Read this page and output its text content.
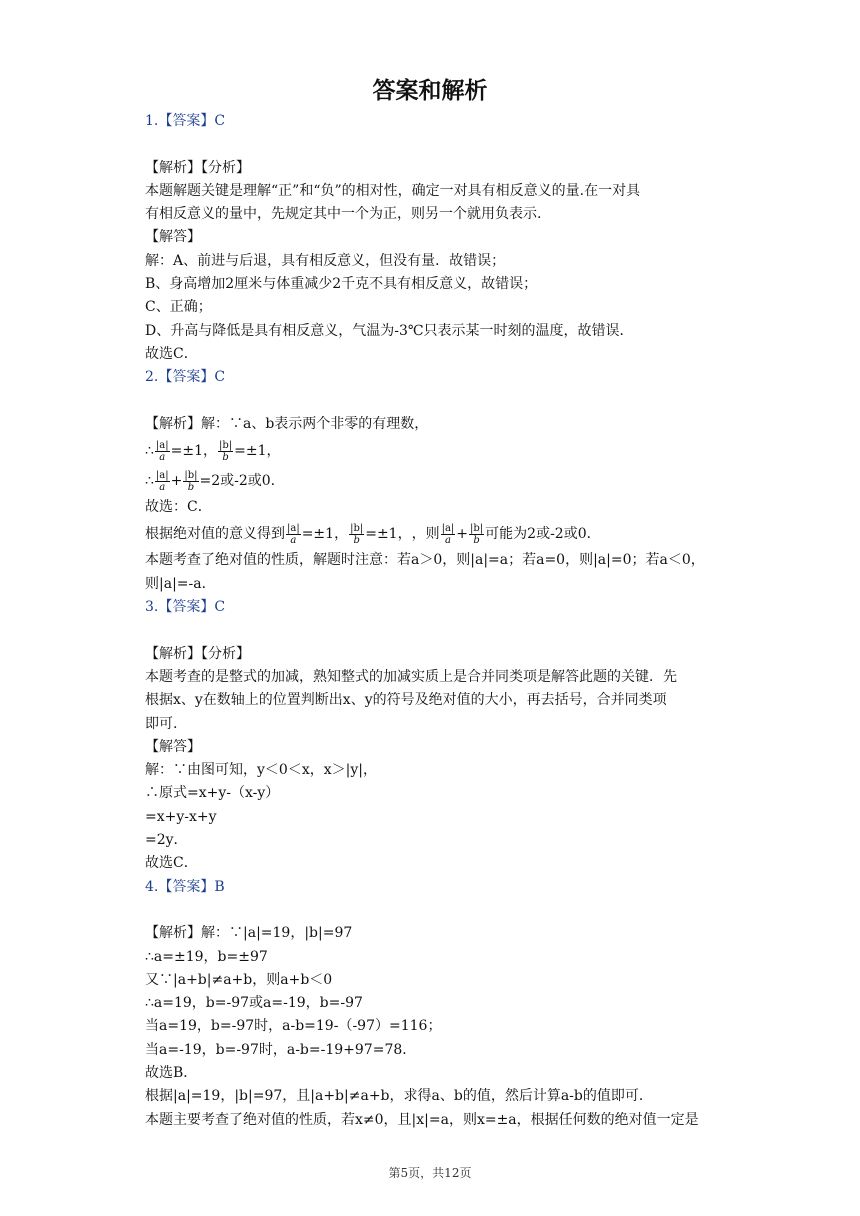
答案和解析
1.【答案】C
【解析】【分析】
本题解题关键是理解“正”和“负”的相对性，确定一对具有相反意义的量.在一对具
有相反意义的量中，先规定其中一个为正，则另一个就用负表示.
【解答】
解：A、前进与后退，具有相反意义，但没有量．故错误；
B、身高增加2厘米与体重减少2千克不具有相反意义，故错误；
C、正确；
D、升高与降低是具有相反意义，气温为-3℃只表示某一时刻的温度，故错误．
故选C．
2.【答案】C
【解析】解：∵a、b表示两个非零的有理数，
∴ $\frac{|a|}{a} =\pm 1$， $\frac{|b|}{b} =\pm 1$，
∴ $\frac{|a|}{a} + \frac{|b|}{b} =2$或-2或0.
故选：C．
根据绝对值的意义得到 $\frac{|a|}{a} =\pm 1$， $\frac{|b|}{b} =\pm 1$， ，则 $\frac{|a|}{a} + \frac{|b|}{b}$ 可能为2或-2或0．
本题考查了绝对值的性质，解题时注意：若a＞0，则|a|=a；若a=0，则|a|=0；若a＜0，
则|a|=-a．
3.【答案】C
【解析】【分析】
本题考查的是整式的加减，熟知整式的加减实质上是合并同类项是解答此题的关键．先
根据x、y在数轴上的位置判断出x、y的符号及绝对值的大小，再去括号，合并同类项
即可.
【解答】
解：∵由图可知，y＜0＜x，x＞|y|，
∴原式=x+y-（x-y）
=x+y-x+y
=2y．
故选C．
4.【答案】B
【解析】解：∵|a|=19，|b|=97
∴a=±19，b=±97
又∵|a+b|≠a+b，则a+b＜0
∴a=19，b=-97或a=-19，b=-97
当a=19，b=-97时，a-b=19-（-97）=116；
当a=-19，b=-97时，a-b=-19+97=78．
故选B．
根据|a|=19，|b|=97，且|a+b|≠a+b，求得a、b的值，然后计算a-b的值即可．
本题主要考查了绝对值的性质，若x≠0，且|x|=a，则x=±a，根据任何数的绝对值一定是
第5页，共12页
